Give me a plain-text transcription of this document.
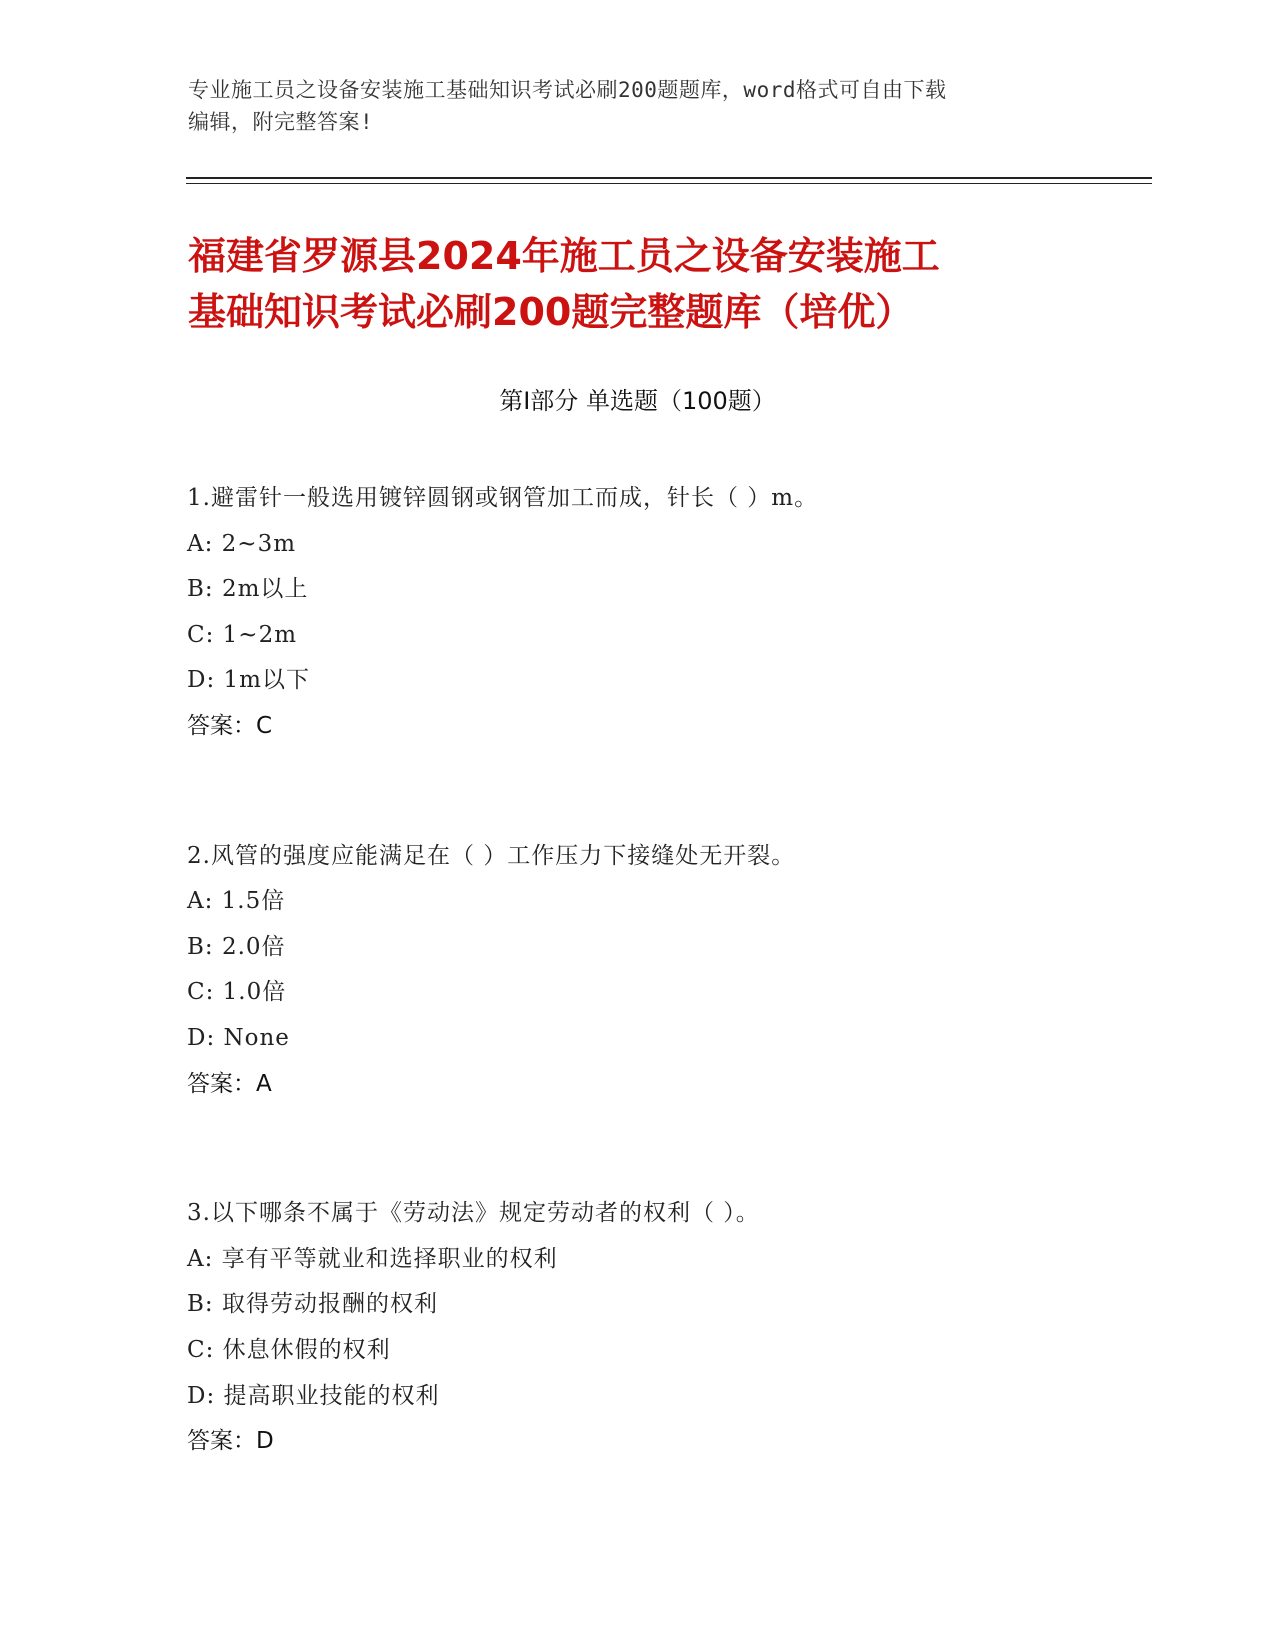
专业施工员之设备安装施工基础知识考试必刷200题题库，word格式可自由下载
编辑，附完整答案!
福建省罗源县2024年施工员之设备安装施工
基础知识考试必刷200题完整题库（培优）
第I部分 单选题（100题）
1.避雷针一般选用镀锌圆钢或钢管加工而成，针长（ ）m。
A: 2~3m
B: 2m以上
C: 1~2m
D: 1m以下
答案：C
2.风管的强度应能满足在（ ）工作压力下接缝处无开裂。
A: 1.5倍
B: 2.0倍
C: 1.0倍
D: None
答案：A
3.以下哪条不属于《劳动法》规定劳动者的权利（ ）。
A: 享有平等就业和选择职业的权利
B: 取得劳动报酬的权利
C: 休息休假的权利
D: 提高职业技能的权利
答案：D
